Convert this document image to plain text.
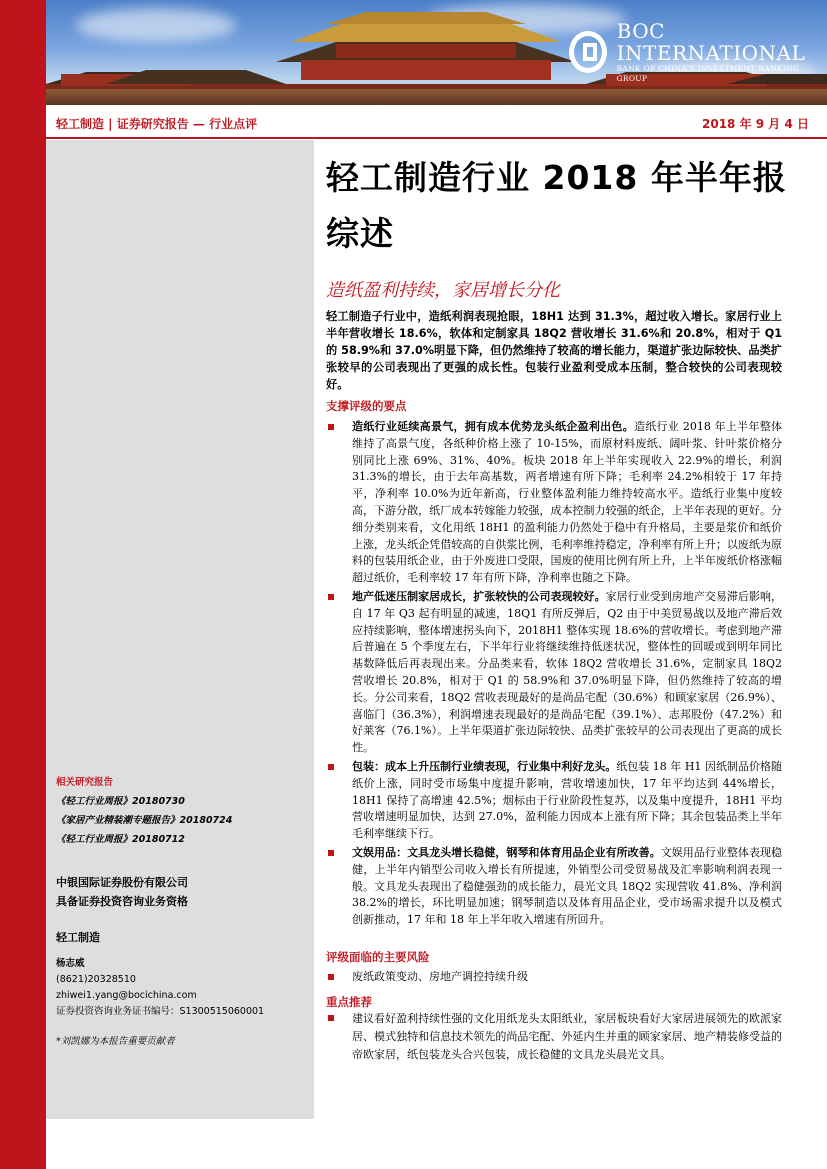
BOC INTERNATIONAL
BANK OF CHINA'S INVESTMENT BANKING GROUP
轻工制造 | 证券研究报告 — 行业点评	2018 年 9 月 4 日
相关研究报告
《轻工行业周报》20180730
《家居产业精装潮专题报告》20180724
《轻工行业周报》20180712
中银国际证券股份有限公司
具备证券投资咨询业务资格
轻工制造
杨志威
(8621)20328510
zhiwei1.yang@bocichina.com
证券投资咨询业务证书编号：S1300515060001
*刘凯娜为本报告重要贡献者
轻工制造行业 2018 年半年报综述
造纸盈利持续，家居增长分化
轻工制造子行业中，造纸利润表现抢眼，18H1 达到 31.3%，超过收入增长。家居行业上半年营收增长 18.6%，软体和定制家具 18Q2 营收增长 31.6%和 20.8%，相对于 Q1 的 58.9%和 37.0%明显下降，但仍然维持了较高的增长能力，渠道扩张边际较快、品类扩张较早的公司表现出了更强的成长性。包装行业盈利受成本压制，整合较快的公司表现较好。
支撑评级的要点
造纸行业延续高景气，拥有成本优势龙头纸企盈利出色。造纸行业 2018 年上半年整体维持了高景气度，各纸种价格上涨了 10-15%，而原材料废纸、阔叶浆、针叶浆价格分别同比上涨 69%、31%、40%。板块 2018 年上半年实现收入 22.9%的增长，利润 31.3%的增长，由于去年高基数，两者增速有所下降；毛利率 24.2%相较于 17 年持平，净利率 10.0%为近年新高，行业整体盈利能力维持较高水平。造纸行业集中度较高，下游分散，纸厂成本转嫁能力较强，成本控制力较强的纸企，上半年表现的更好。分细分类别来看，文化用纸 18H1 的盈利能力仍然处于稳中有升格局，主要是浆价和纸价上涨，龙头纸企凭借较高的自供浆比例，毛利率维持稳定，净利率有所上升；以废纸为原料的包装用纸企业，由于外废进口受限，国废的使用比例有所上升，上半年废纸价格涨幅超过纸价，毛利率较 17 年有所下降，净利率也随之下降。
地产低迷压制家居成长，扩张较快的公司表现较好。家居行业受到房地产交易滞后影响，自 17 年 Q3 起有明显的减速，18Q1 有所反弹后，Q2 由于中美贸易战以及地产滞后效应持续影响，整体增速拐头向下，2018H1 整体实现 18.6%的营收增长。考虑到地产滞后普遍在 5 个季度左右，下半年行业将继续维持低迷状况，整体性的回暖或到明年同比基数降低后再表现出来。分品类来看，软体 18Q2 营收增长 31.6%，定制家具 18Q2 营收增长 20.8%，相对于 Q1 的 58.9%和 37.0%明显下降，但仍然维持了较高的增长。分公司来看，18Q2 营收表现最好的是尚品宅配（30.6%）和顾家家居（26.9%）、喜临门（36.3%），利润增速表现最好的是尚品宅配（39.1%）、志邦股份（47.2%）和好莱客（76.1%）。上半年渠道扩张边际较快、品类扩张较早的公司表现出了更高的成长性。
包装：成本上升压制行业绩表现，行业集中利好龙头。纸包装 18 年 H1 因纸制品价格随纸价上涨，同时受市场集中度提升影响，营收增速加快，17 年平均达到 44%增长，18H1 保持了高增速 42.5%；烟标由于行业阶段性复苏，以及集中度提升，18H1 平均营收增速明显加快，达到 27.0%，盈利能力因成本上涨有所下降；其余包装品类上半年毛利率继续下行。
文娱用品：文具龙头增长稳健，钢琴和体育用品企业有所改善。文娱用品行业整体表现稳健，上半年内销型公司收入增长有所提速，外销型公司受贸易战及汇率影响利润表现一般。文具龙头表现出了稳健强劲的成长能力，晨光文具 18Q2 实现营收 41.8%、净利润 38.2%的增长，环比明显加速；钢琴制造以及体育用品企业，受市场需求提升以及模式创新推动，17 年和 18 年上半年收入增速有所回升。
评级面临的主要风险
废纸政策变动、房地产调控持续升级
重点推荐
建议看好盈利持续性强的文化用纸龙头太阳纸业，家居板块看好大家居进展领先的欧派家居、模式独特和信息技术领先的尚品宅配、外延内生并重的顾家家居、地产精装修受益的帝欧家居，纸包装龙头合兴包装，成长稳健的文具龙头晨光文具。
